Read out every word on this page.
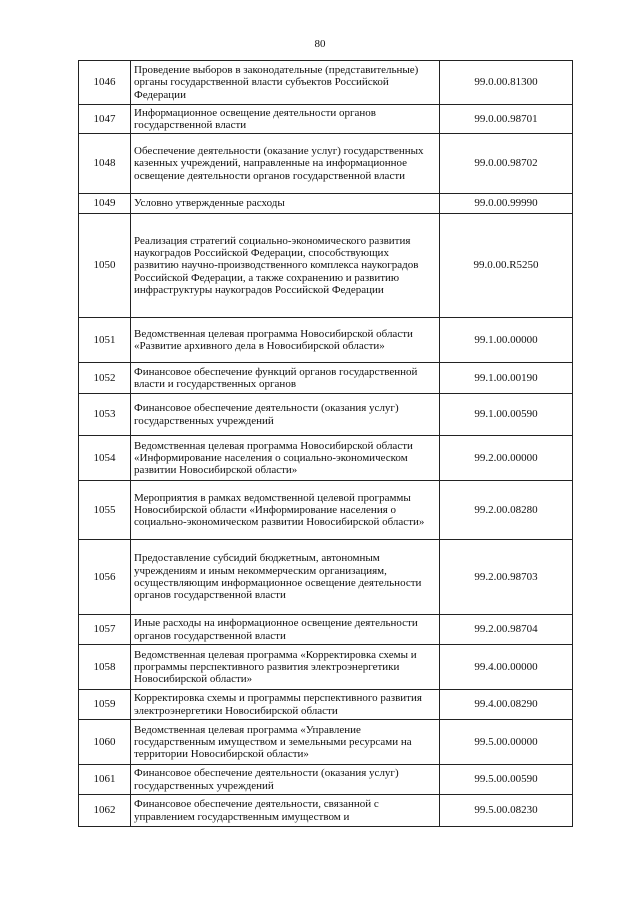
80
1046	Проведение выборов в законодательные (представительные) органы государственной власти субъектов Российской Федерации	99.0.00.81300
1047	Информационное освещение деятельности органов государственной власти	99.0.00.98701
1048	Обеспечение деятельности (оказание услуг) государственных казенных учреждений, направленные на информационное освещение деятельности органов государственной власти	99.0.00.98702
1049	Условно утвержденные расходы	99.0.00.99990
1050	Реализация стратегий социально-экономического развития наукоградов Российской Федерации, способствующих развитию научно-производственного комплекса наукоградов Российской Федерации, а также сохранению и развитию инфраструктуры наукоградов Российской Федерации	99.0.00.R5250
1051	Ведомственная целевая программа Новосибирской области «Развитие архивного дела в Новосибирской области»	99.1.00.00000
1052	Финансовое обеспечение функций органов государственной власти и государственных органов	99.1.00.00190
1053	Финансовое обеспечение деятельности (оказания услуг) государственных учреждений	99.1.00.00590
1054	Ведомственная целевая программа Новосибирской области «Информирование населения о социально-экономическом развитии Новосибирской области»	99.2.00.00000
1055	Мероприятия в рамках ведомственной целевой программы Новосибирской области «Информирование населения о социально-экономическом развитии Новосибирской области»	99.2.00.08280
1056	Предоставление субсидий бюджетным, автономным учреждениям и иным некоммерческим организациям, осуществляющим информационное освещение деятельности органов государственной власти	99.2.00.98703
1057	Иные расходы на информационное освещение деятельности органов государственной власти	99.2.00.98704
1058	Ведомственная целевая программа «Корректировка схемы и программы перспективного развития электроэнергетики Новосибирской области»	99.4.00.00000
1059	Корректировка схемы и программы перспективного развития электроэнергетики Новосибирской области	99.4.00.08290
1060	Ведомственная целевая программа «Управление государственным имуществом и земельными ресурсами на территории Новосибирской области»	99.5.00.00000
1061	Финансовое обеспечение деятельности (оказания услуг) государственных учреждений	99.5.00.00590
1062	Финансовое обеспечение деятельности, связанной с управлением государственным имуществом и	99.5.00.08230
